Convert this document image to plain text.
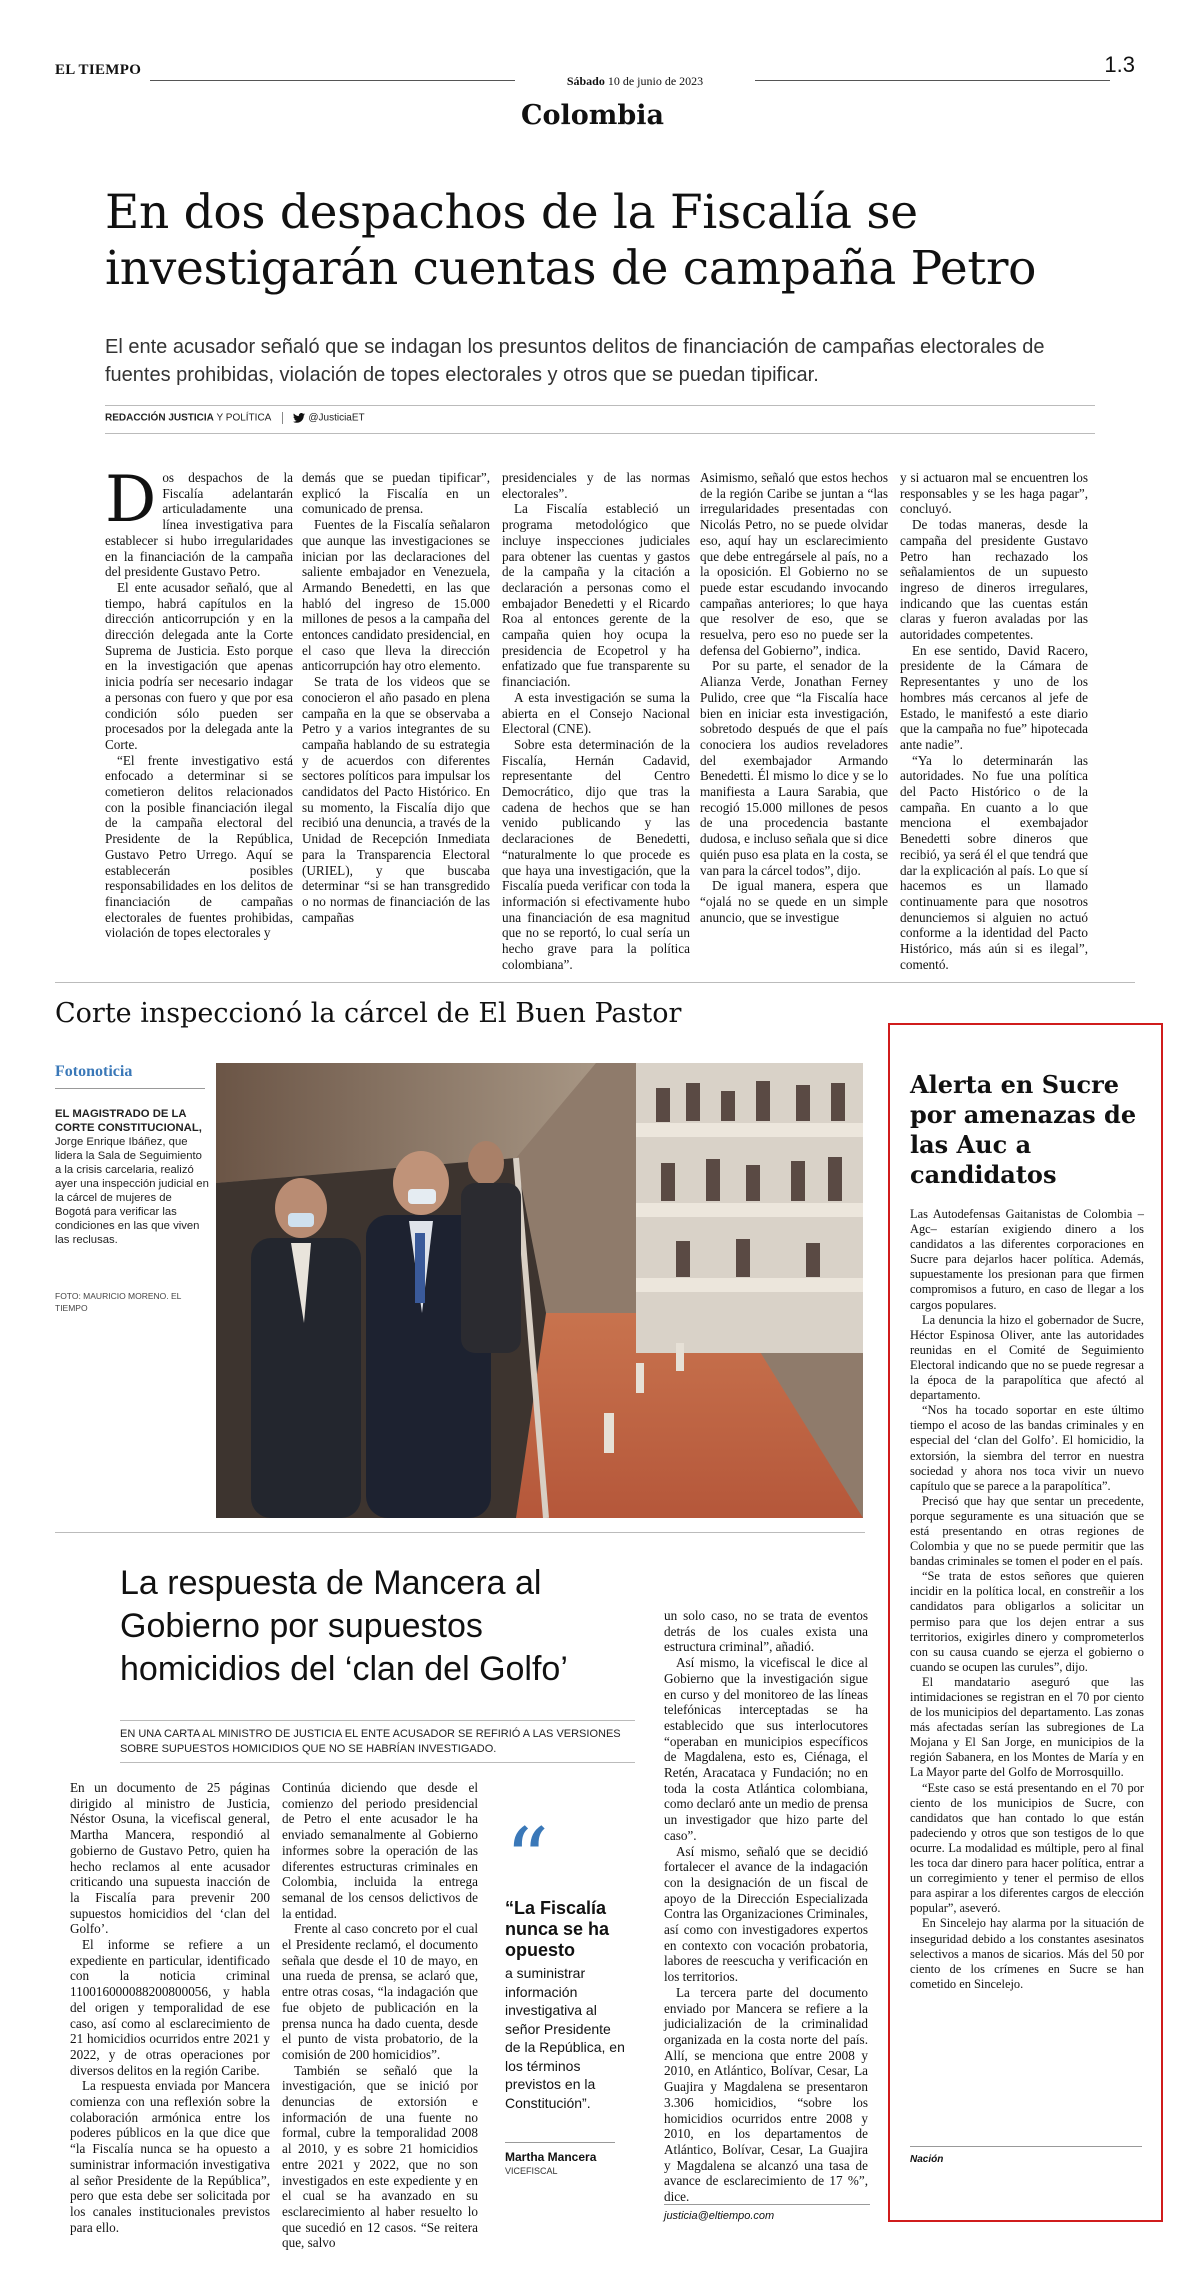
EL TIEMPO
Sábado 10 de junio de 2023
1.3
Colombia
En dos despachos de la Fiscalía se investigarán cuentas de campaña Petro
El ente acusador señaló que se indagan los presuntos delitos de financiación de campañas electorales de fuentes prohibidas, violación de topes electorales y otros que se puedan tipificar.
REDACCIÓN JUSTICIA Y POLÍTICA	@JusticiaET
D os despachos de la Fiscalía adelantarán articuladamente una línea investigativa para establecer si hubo irregularidades en la financiación de la campaña del presidente Gustavo Petro.

El ente acusador señaló, que al tiempo, habrá capítulos en la dirección anticorrupción y en la dirección delegada ante la Corte Suprema de Justicia. Esto porque en la investigación que apenas inicia podría ser necesario indagar a personas con fuero y que por esa condición sólo pueden ser procesados por la delegada ante la Corte.

“El frente investigativo está enfocado a determinar si se cometieron delitos relacionados con la posible financiación ilegal de la campaña electoral del Presidente de la República, Gustavo Petro Urrego. Aquí se establecerán posibles responsabilidades en los delitos de financiación de campañas electorales de fuentes prohibidas, violación de topes electorales y

demás que se puedan tipificar”, explicó la Fiscalía en un comunicado de prensa.

Fuentes de la Fiscalía señalaron que aunque las investigaciones se inician por las declaraciones del saliente embajador en Venezuela, Armando Benedetti, en las que habló del ingreso de 15.000 millones de pesos a la campaña del entonces candidato presidencial, en el caso que lleva la dirección anticorrupción hay otro elemento.

Se trata de los videos que se conocieron el año pasado en plena campaña en la que se observaba a Petro y a varios integrantes de su campaña hablando de su estrategia y de acuerdos con diferentes sectores políticos para impulsar los candidatos del Pacto Histórico. En su momento, la Fiscalía dijo que recibió una denuncia, a través de la Unidad de Recepción Inmediata para la Transparencia Electoral (URIEL), y que buscaba determinar “si se han transgredido o no normas de financiación de las campañas

presidenciales y de las normas electorales”.

La Fiscalía estableció un programa metodológico que incluye inspecciones judiciales para obtener las cuentas y gastos de la campaña y la citación a declaración a personas como el embajador Benedetti y el Ricardo Roa al entonces gerente de la campaña quien hoy ocupa la presidencia de Ecopetrol y ha enfatizado que fue transparente su financiación.

A esta investigación se suma la abierta en el Consejo Nacional Electoral (CNE).

Sobre esta determinación de la Fiscalía, Hernán Cadavid, representante del Centro Democrático, dijo que tras la cadena de hechos que se han venido publicando y las declaraciones de Benedetti, “naturalmente lo que procede es que haya una investigación, que la Fiscalía pueda verificar con toda la información si efectivamente hubo una financiación de esa magnitud que no se reportó, lo cual sería un hecho grave para la política colombiana”.

Asimismo, señaló que estos hechos de la región Caribe se juntan a “las irregularidades presentadas con Nicolás Petro, no se puede olvidar eso, aquí hay un esclarecimiento que debe entregársele al país, no a la oposición. El Gobierno no se puede estar escudando invocando campañas anteriores; lo que haya que resolver de eso, que se resuelva, pero eso no puede ser la defensa del Gobierno”, indica.

Por su parte, el senador de la Alianza Verde, Jonathan Ferney Pulido, cree que “la Fiscalía hace bien en iniciar esta investigación, sobretodo después de que el país conociera los audios reveladores del exembajador Armando Benedetti. Él mismo lo dice y se lo manifiesta a Laura Sarabia, que recogió 15.000 millones de pesos de una procedencia bastante dudosa, e incluso señala que si dice quién puso esa plata en la costa, se van para la cárcel todos”, dijo.

De igual manera, espera que “ojalá no se quede en un simple anuncio, que se investigue

y si actuaron mal se encuentren los responsables y se les haga pagar”, concluyó.

De todas maneras, desde la campaña del presidente Gustavo Petro han rechazado los señalamientos de un supuesto ingreso de dineros irregulares, indicando que las cuentas están claras y fueron avaladas por las autoridades competentes.

En ese sentido, David Racero, presidente de la Cámara de Representantes y uno de los hombres más cercanos al jefe de Estado, le manifestó a este diario que la campaña no fue” hipotecada ante nadie”.

“Ya lo determinarán las autoridades. No fue una política del Pacto Histórico o de la campaña. En cuanto a lo que menciona el exembajador Benedetti sobre dineros que recibió, ya será él el que tendrá que dar la explicación al país. Lo que sí hacemos es un llamado continuamente para que nosotros denunciemos si alguien no actuó conforme a la identidad del Pacto Histórico, más aún si es ilegal”, comentó.

Corte inspeccionó la cárcel de El Buen Pastor
Fotonoticia
EL MAGISTRADO DE LA CORTE CONSTITUCIONAL, Jorge Enrique Ibáñez, que lidera la Sala de Seguimiento a la crisis carcelaria, realizó ayer una inspección judicial en la cárcel de mujeres de Bogotá para verificar las condiciones en las que viven las reclusas.
FOTO: MAURICIO MORENO. EL TIEMPO
Alerta en Sucre por amenazas de las Auc a candidatos

Las Autodefensas Gaitanistas de Colombia –Agc– estarían exigiendo dinero a los candidatos a las diferentes corporaciones en Sucre para dejarlos hacer política. Además, supuestamente los presionan para que firmen compromisos a futuro, en caso de llegar a los cargos populares.

La denuncia la hizo el gobernador de Sucre, Héctor Espinosa Oliver, ante las autoridades reunidas en el Comité de Seguimiento Electoral indicando que no se puede regresar a la época de la parapolítica que afectó al departamento.

“Nos ha tocado soportar en este último tiempo el acoso de las bandas criminales y en especial del ‘clan del Golfo’. El homicidio, la extorsión, la siembra del terror en nuestra sociedad y ahora nos toca vivir un nuevo capítulo que se parece a la parapolítica”.

Precisó que hay que sentar un precedente, porque seguramente es una situación que se está presentando en otras regiones de Colombia y que no se puede permitir que las bandas criminales se tomen el poder en el país.

“Se trata de estos señores que quieren incidir en la política local, en constreñir a los candidatos para obligarlos a solicitar un permiso para que los dejen entrar a sus territorios, exigirles dinero y comprometerlos con su causa cuando se ejerza el gobierno o cuando se ocupen las curules”, dijo.

El mandatario aseguró que las intimidaciones se registran en el 70 por ciento de los municipios del departamento. Las zonas más afectadas serían las subregiones de La Mojana y El San Jorge, en municipios de la región Sabanera, en los Montes de María y en La Mayor parte del Golfo de Morrosquillo.

“Este caso se está presentando en el 70 por ciento de los municipios de Sucre, con candidatos que han contado lo que están padeciendo y otros que son testigos de lo que ocurre. La modalidad es múltiple, pero al final les toca dar dinero para hacer política, entrar a un corregimiento y tener el permiso de ellos para aspirar a los diferentes cargos de elección popular”, aseveró.

En Sincelejo hay alarma por la situación de inseguridad debido a los constantes asesinatos selectivos a manos de sicarios. Más del 50 por ciento de los crímenes en Sucre se han cometido en Sincelejo.

Nación
La respuesta de Mancera al Gobierno por supuestos homicidios del ‘clan del Golfo’
EN UNA CARTA AL MINISTRO DE JUSTICIA EL ENTE ACUSADOR SE REFIRIÓ A LAS VERSIONES SOBRE SUPUESTOS HOMICIDIOS QUE NO SE HABRÍAN INVESTIGADO.

En un documento de 25 páginas dirigido al ministro de Justicia, Néstor Osuna, la vicefiscal general, Martha Mancera, respondió al gobierno de Gustavo Petro, quien ha hecho reclamos al ente acusador criticando una supuesta inacción de la Fiscalía para prevenir 200 supuestos homicidios del ‘clan del Golfo’.

El informe se refiere a un expediente en particular, identificado con la noticia criminal 110016000088200800056, y habla del origen y temporalidad de ese caso, así como al esclarecimiento de 21 homicidios ocurridos entre 2021 y 2022, y de otras operaciones por diversos delitos en la región Caribe.

La respuesta enviada por Mancera comienza con una reflexión sobre la colaboración armónica entre los poderes públicos en la que dice que “la Fiscalía nunca se ha opuesto a suministrar información investigativa al señor Presidente de la República”, pero que esta debe ser solicitada por los canales institucionales previstos para ello.

Continúa diciendo que desde el comienzo del periodo presidencial de Petro el ente acusador le ha enviado semanalmente al Gobierno informes sobre la operación de las diferentes estructuras criminales en Colombia, incluida la entrega semanal de los censos delictivos de la entidad.

Frente al caso concreto por el cual el Presidente reclamó, el documento señala que desde el 10 de mayo, en una rueda de prensa, se aclaró que, entre otras cosas, “la indagación que fue objeto de publicación en la prensa nunca ha dado cuenta, desde el punto de vista probatorio, de la comisión de 200 homicidios”.

También se señaló que la investigación, que se inició por denuncias de extorsión e información de una fuente no formal, cubre la temporalidad 2008 al 2010, y es sobre 21 homicidios entre 2021 y 2022, que no son investigados en este expediente y en el cual se ha avanzado en su esclarecimiento al haber resuelto lo que sucedió en 12 casos. “Se reitera que, salvo

“
“La Fiscalía nunca se ha opuesto
a suministrar información investigativa al señor Presidente de la República, en los términos previstos en la Constitución”.
Martha Mancera
VICEFISCAL

un solo caso, no se trata de eventos detrás de los cuales exista una estructura criminal”, añadió.

Así mismo, la vicefiscal le dice al Gobierno que la investigación sigue en curso y del monitoreo de las líneas telefónicas interceptadas se ha establecido que sus interlocutores “operaban en municipios específicos de Magdalena, esto es, Ciénaga, el Retén, Aracataca y Fundación; no en toda la costa Atlántica colombiana, como declaró ante un medio de prensa un investigador que hizo parte del caso”.

Así mismo, señaló que se decidió fortalecer el avance de la indagación con la designación de un fiscal de apoyo de la Dirección Especializada Contra las Organizaciones Criminales, así como con investigadores expertos en contexto con vocación probatoria, labores de reescucha y verificación en los territorios.

La tercera parte del documento enviado por Mancera se refiere a la judicialización de la criminalidad organizada en la costa norte del país. Allí, se menciona que entre 2008 y 2010, en Atlántico, Bolívar, Cesar, La Guajira y Magdalena se presentaron 3.306 homicidios, “sobre los homicidios ocurridos entre 2008 y 2010, en los departamentos de Atlántico, Bolívar, Cesar, La Guajira y Magdalena se alcanzó una tasa de avance de esclarecimiento de 17 %”, dice.

justicia@eltiempo.com
